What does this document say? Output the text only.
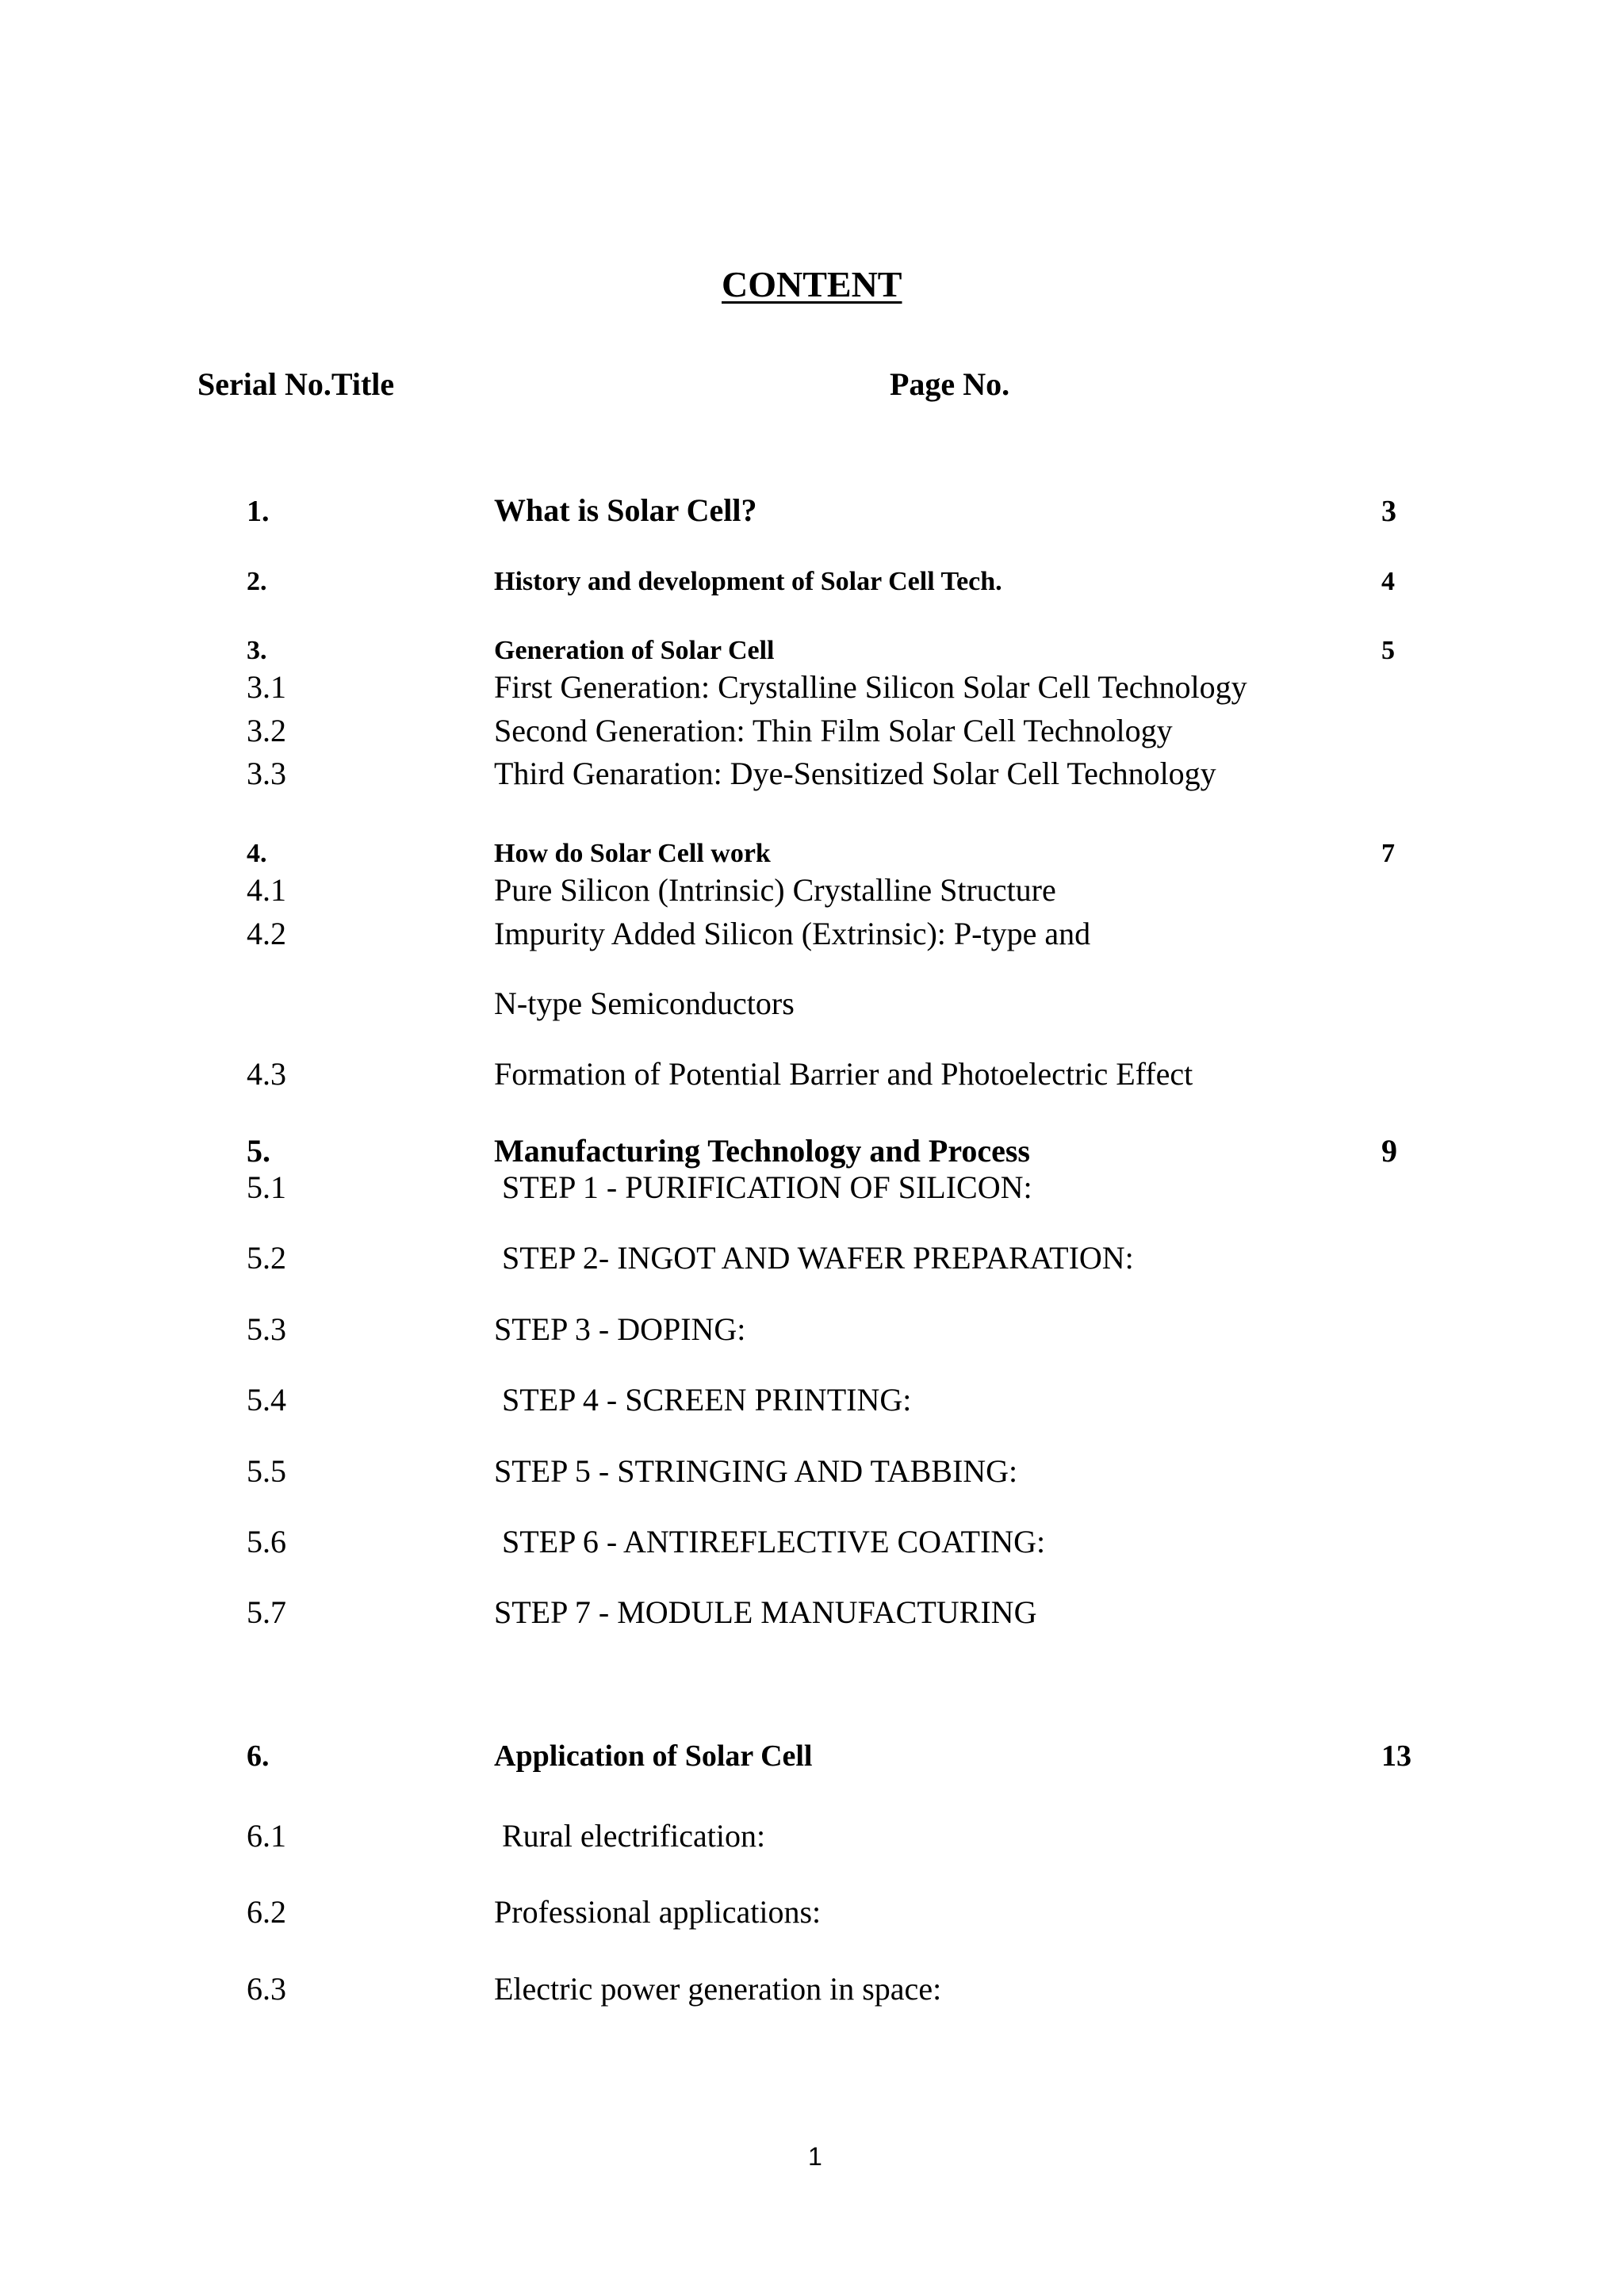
CONTENT
Serial No.Title	Page No.
1.	What is Solar Cell?	3
2.	History and development of Solar Cell Tech.	4
3.	Generation of Solar Cell	5
3.1	First Generation: Crystalline Silicon Solar Cell Technology
3.2	Second Generation: Thin Film Solar Cell Technology
3.3	Third Genaration: Dye-Sensitized Solar Cell Technology
4.	How do Solar Cell work	7
4.1	Pure Silicon (Intrinsic) Crystalline Structure
4.2	Impurity Added Silicon (Extrinsic): P-type and
N-type Semiconductors
4.3	Formation of Potential Barrier and Photoelectric Effect
5.	Manufacturing Technology and Process	9
5.1	STEP 1 - PURIFICATION OF SILICON:
5.2	STEP 2- INGOT AND WAFER PREPARATION:
5.3	STEP 3 - DOPING:
5.4	STEP 4 - SCREEN PRINTING:
5.5	STEP 5 - STRINGING AND TABBING:
5.6	STEP 6 - ANTIREFLECTIVE COATING:
5.7	STEP 7 - MODULE MANUFACTURING
6.	Application of Solar Cell	13
6.1	Rural electrification:
6.2	Professional applications:
6.3	Electric power generation in space:
1
